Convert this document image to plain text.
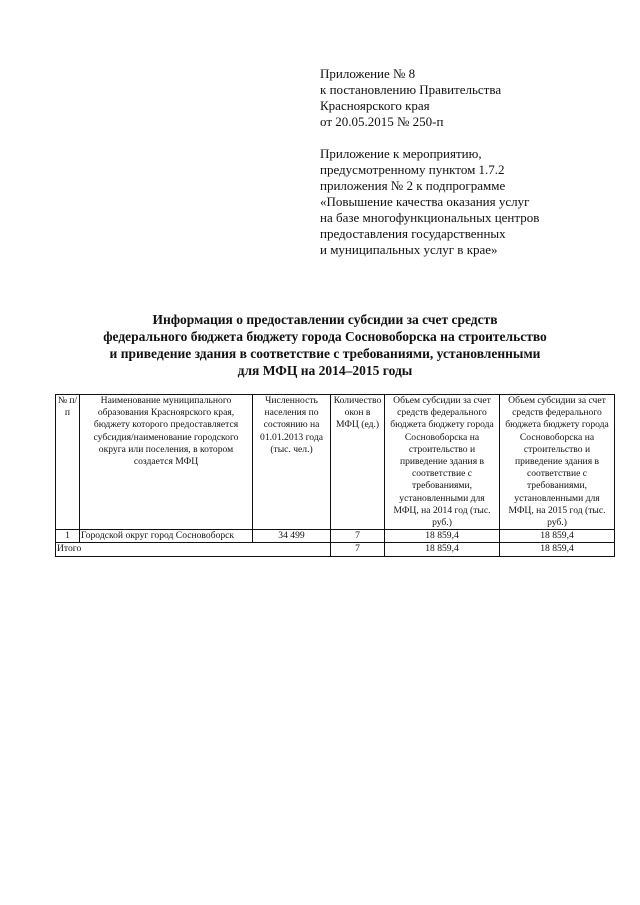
Приложение № 8
к постановлению Правительства
Красноярского края
от 20.05.2015 № 250-п
Приложение к мероприятию,
предусмотренному пунктом 1.7.2
приложения № 2 к подпрограмме
«Повышение качества оказания услуг
на базе многофункциональных центров
предоставления государственных
и муниципальных услуг в крае»
Информация о предоставлении субсидии за счет средств
федерального бюджета бюджету города Сосновоборска на строительство
и приведение здания в соответствие с требованиями, установленными
для МФЦ на 2014–2015 годы
№ п/п	Наименование муниципального образования Красноярского края, бюджету которого предоставляется субсидия/наименование городского округа или поселения, в котором создается МФЦ	Численность населения по состоянию на 01.01.2013 года (тыс. чел.)	Количество окон в МФЦ (ед.)	Объем субсидии за счет средств федерального бюджета бюджету города Сосновоборска на строительство и приведение здания в соответствие с требованиями, установленными для МФЦ, на 2014 год (тыс. руб.)	Объем субсидии за счет средств федерального бюджета бюджету города Сосновоборска на строительство и приведение здания в соответствие с требованиями, установленными для МФЦ, на 2015 год (тыс. руб.)
1	Городской округ город Сосновоборск	34 499	7	18 859,4	18 859,4
Итого			7	18 859,4	18 859,4
